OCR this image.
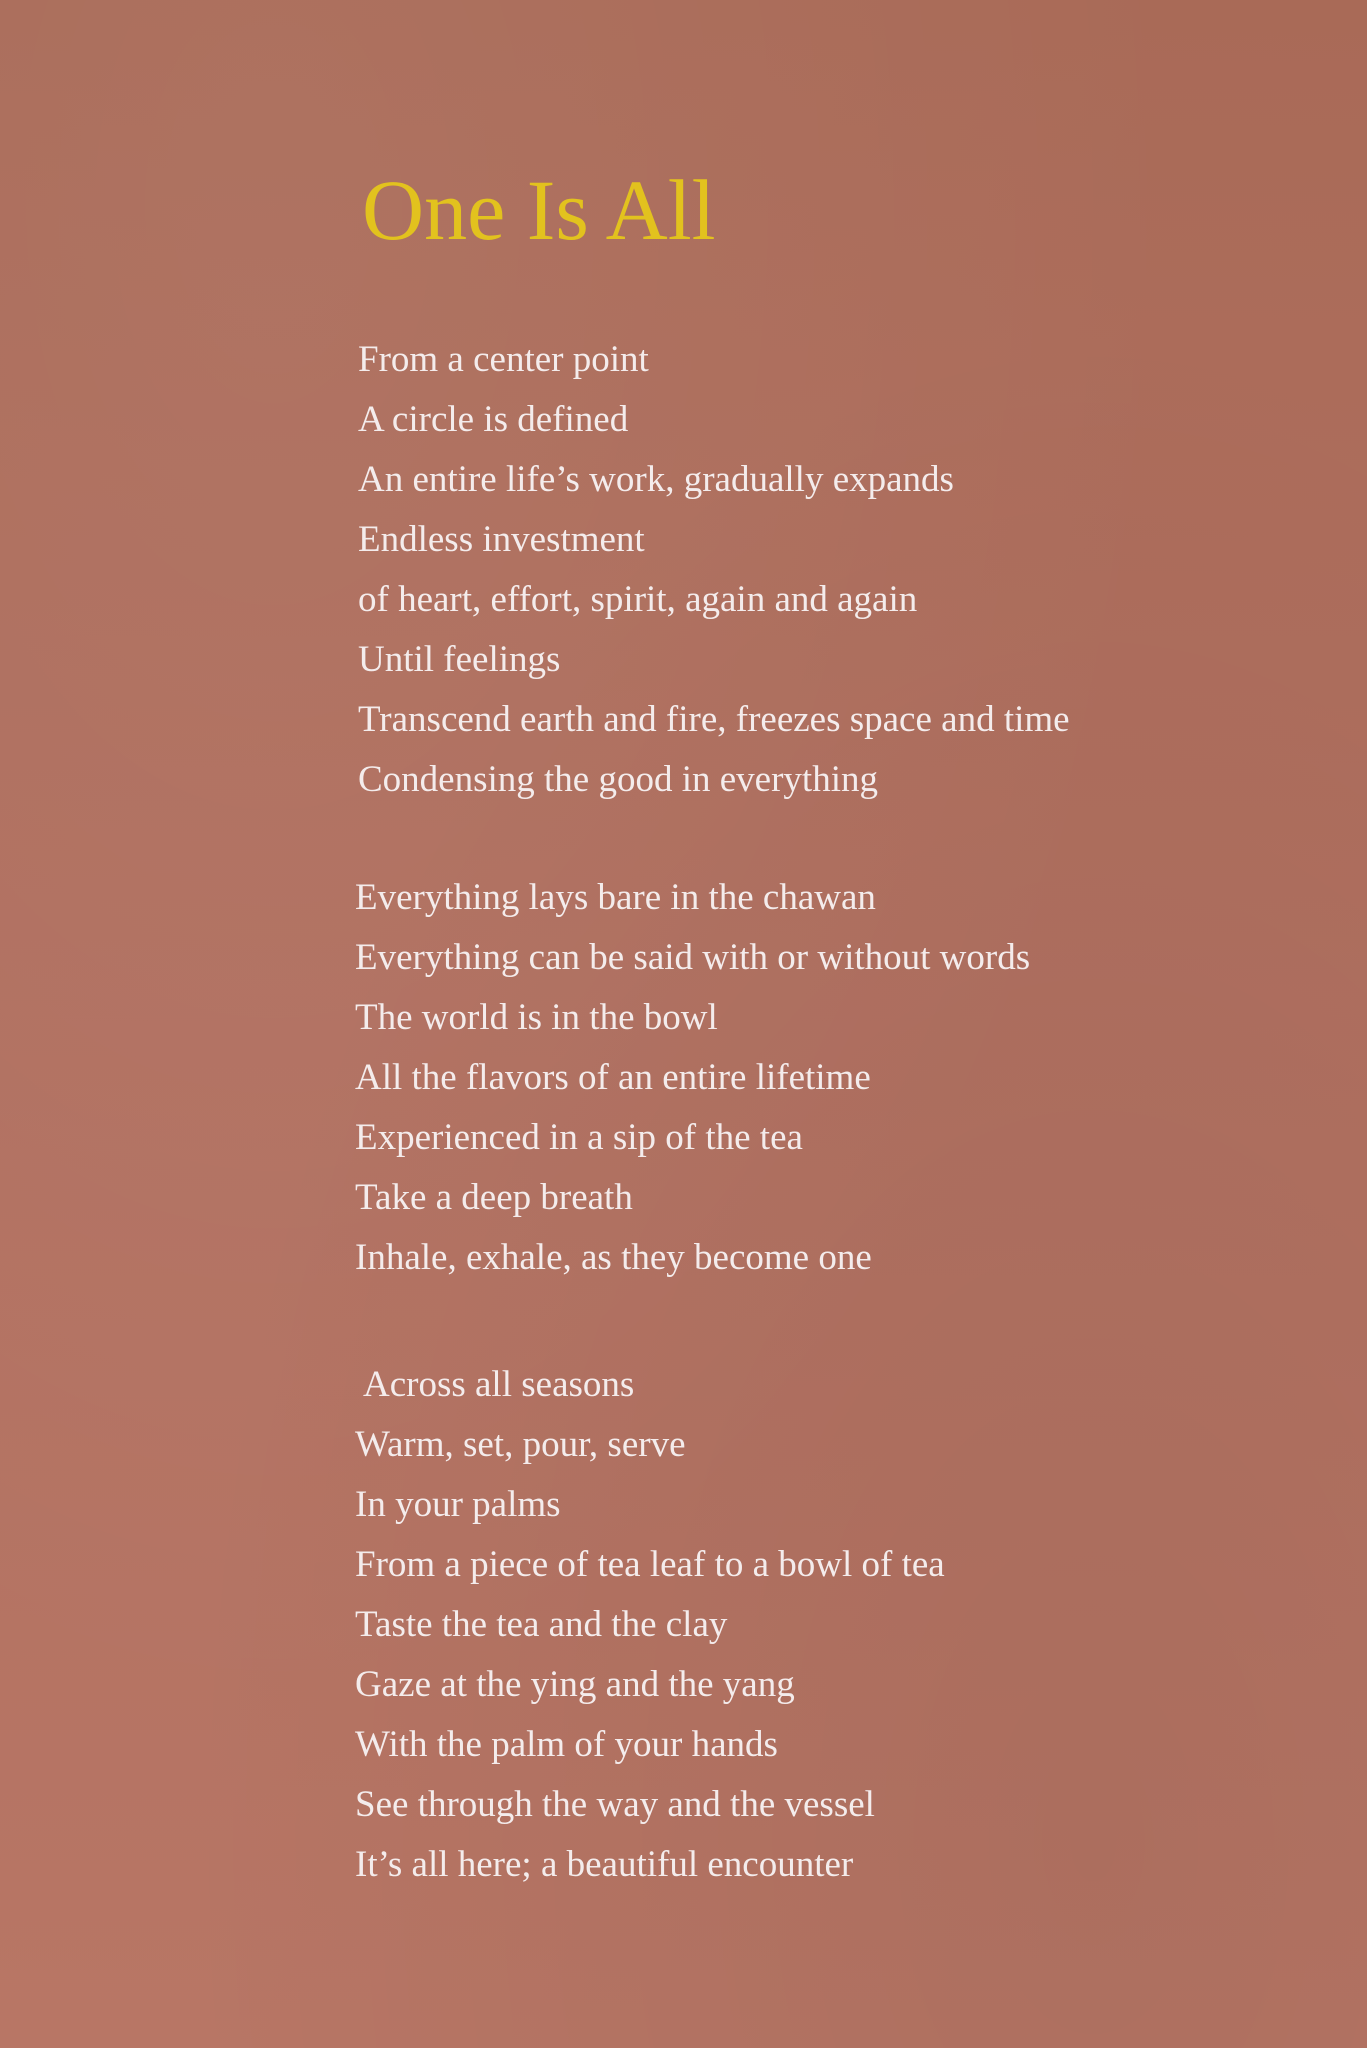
One Is All
From a center point
A circle is defined
An entire life’s work, gradually expands
Endless investment
of heart, effort, spirit, again and again
Until feelings
Transcend earth and fire, freezes space and time
Condensing the good in everything
Everything lays bare in the chawan
Everything can be said with or without words
The world is in the bowl
All the flavors of an entire lifetime
Experienced in a sip of the tea
Take a deep breath
Inhale, exhale, as they become one
Across all seasons
Warm, set, pour, serve
In your palms
From a piece of tea leaf to a bowl of tea
Taste the tea and the clay
Gaze at the ying and the yang
With the palm of your hands
See through the way and the vessel
It’s all here; a beautiful encounter
